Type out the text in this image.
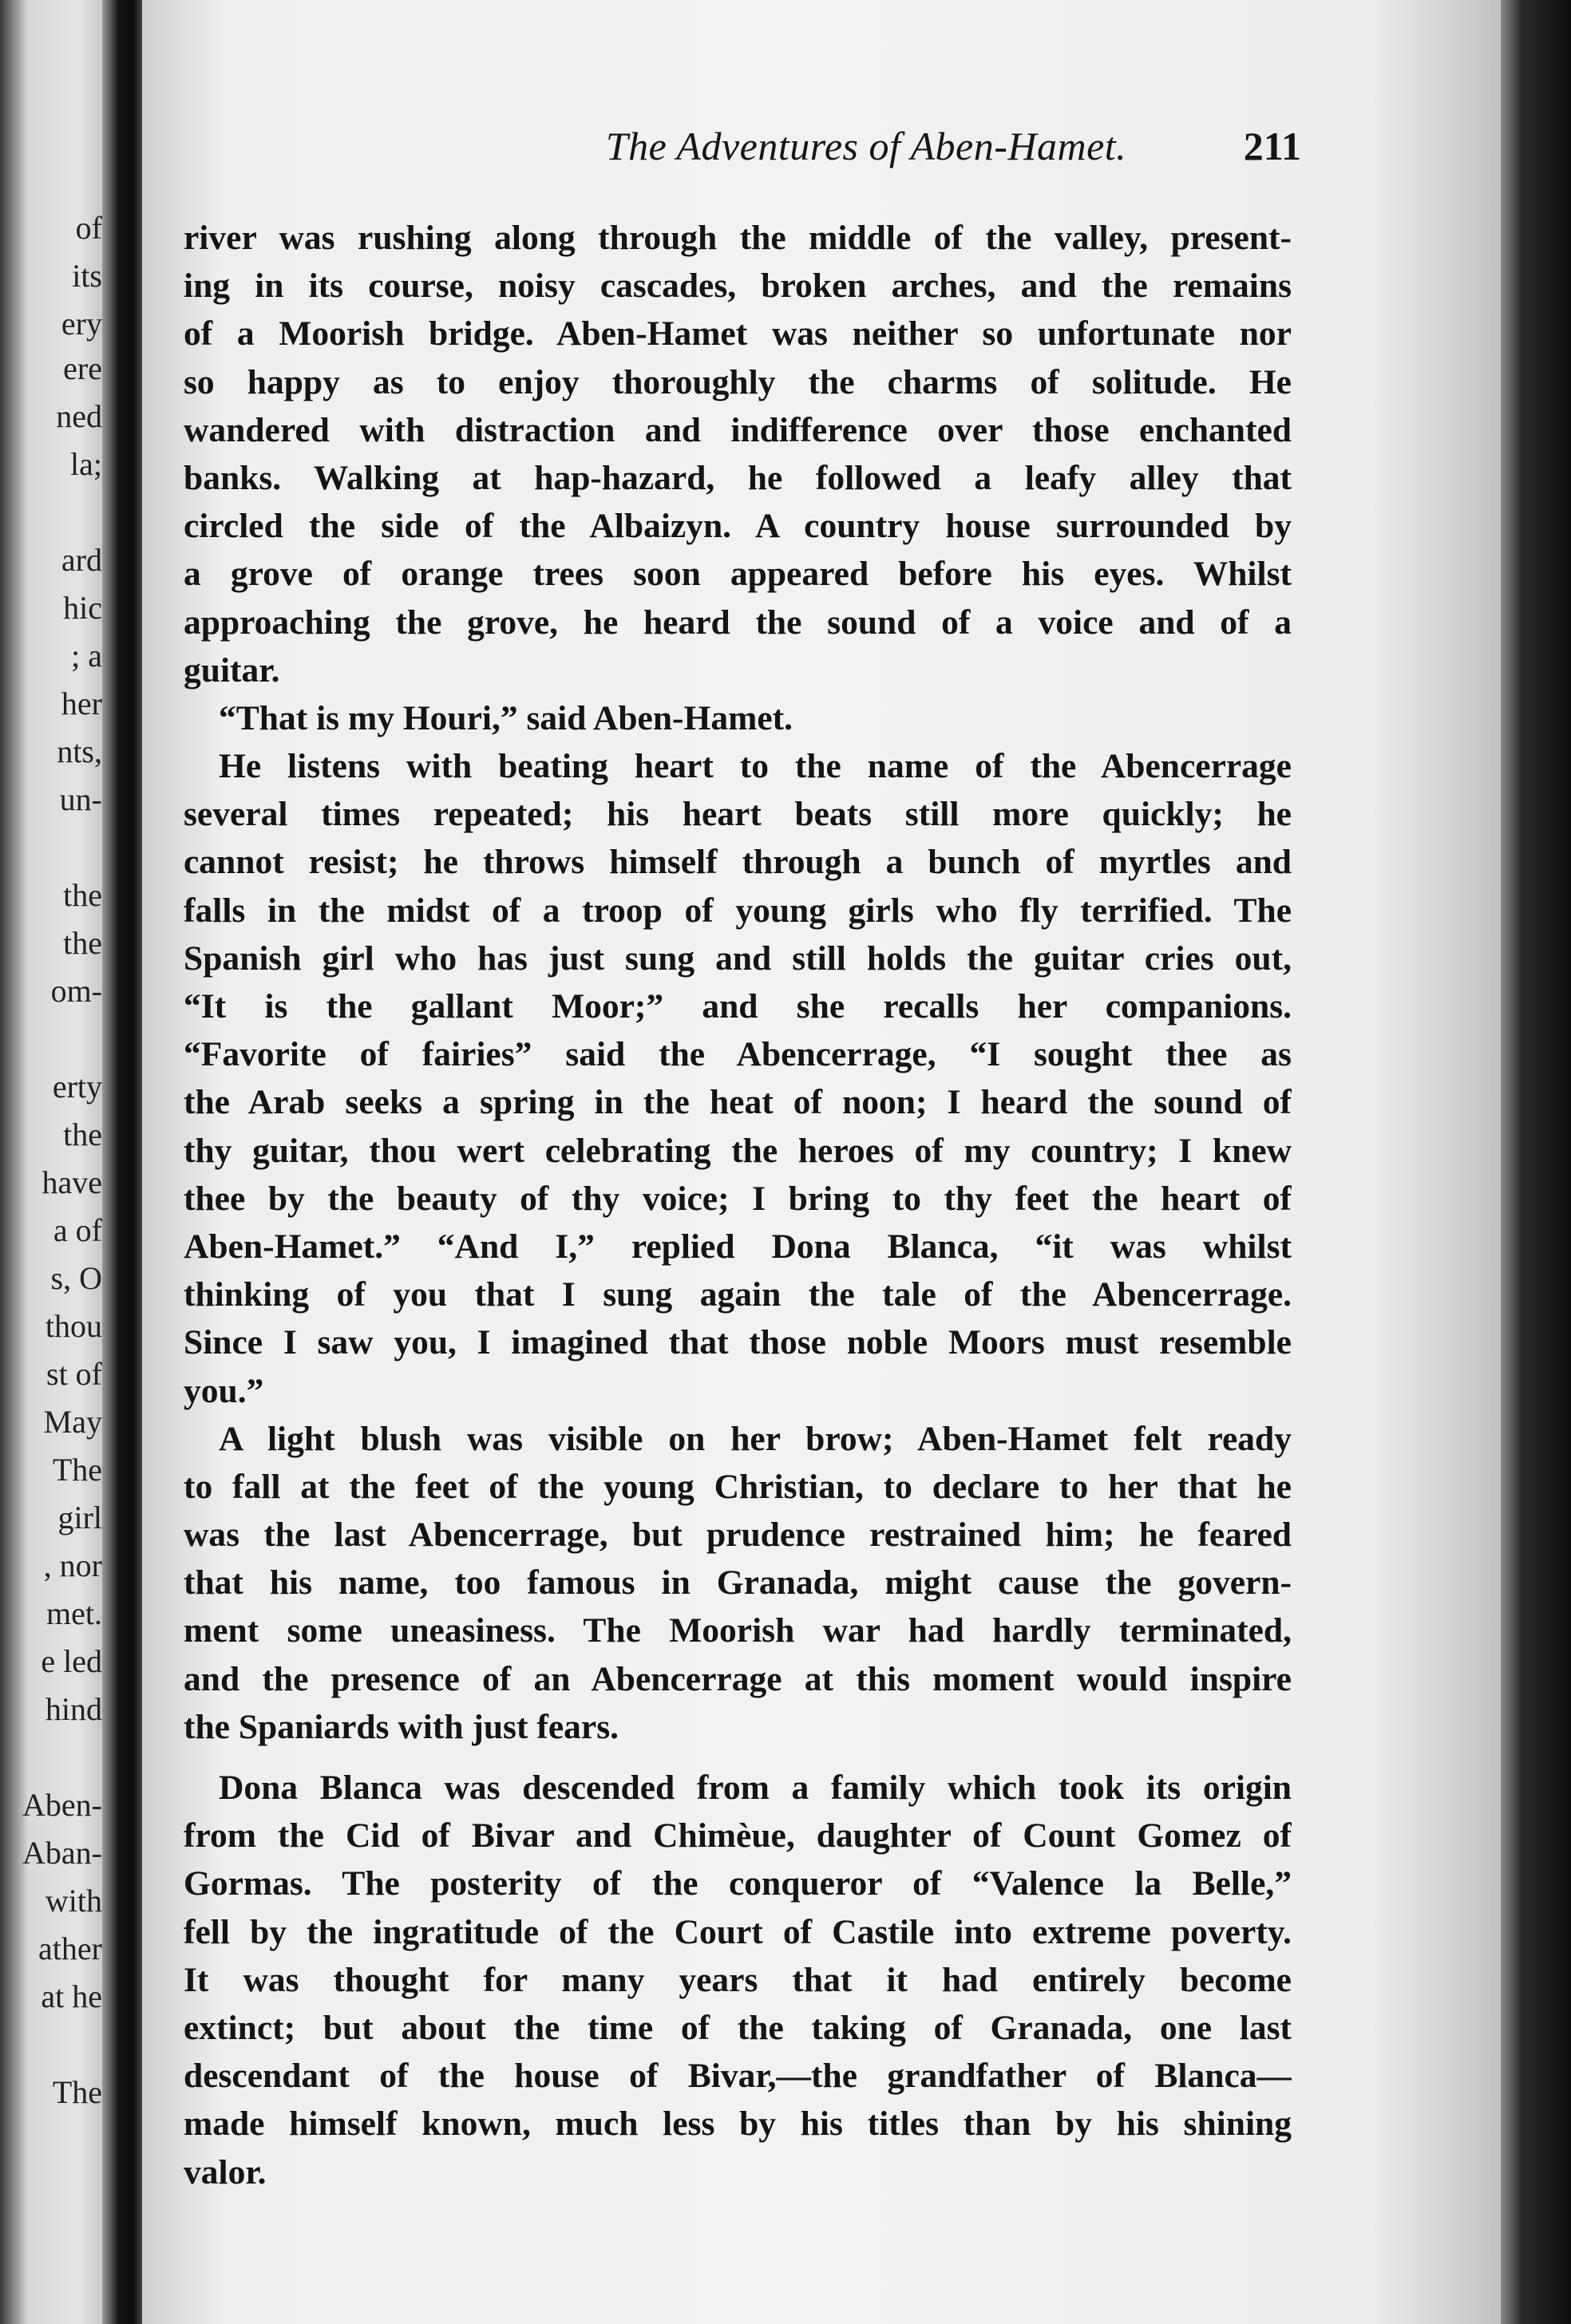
of
its
ery
ere
ned
la;
ard
hic
; a
her
nts,
un-
the
the
om-
erty
the
have
a of
s, O
thou
st of
May
The
girl
, nor
met.
e led
hind
Aben-
Aban-
with
ather
at he
The
The Adventures of Aben-Hamet.	211
river was rushing along through the middle of the valley, present-
ing in its course, noisy cascades, broken arches, and the remains
of a Moorish bridge. Aben-Hamet was neither so unfortunate nor
so happy as to enjoy thoroughly the charms of solitude. He
wandered with distraction and indifference over those enchanted
banks. Walking at hap-hazard, he followed a leafy alley that
circled the side of the Albaizyn. A country house surrounded by
a grove of orange trees soon appeared before his eyes. Whilst
approaching the grove, he heard the sound of a voice and of a
guitar.
“That is my Houri,” said Aben-Hamet.
He listens with beating heart to the name of the Abencerrage
several times repeated; his heart beats still more quickly; he
cannot resist; he throws himself through a bunch of myrtles and
falls in the midst of a troop of young girls who fly terrified. The
Spanish girl who has just sung and still holds the guitar cries out,
“It is the gallant Moor;” and she recalls her companions.
“Favorite of fairies” said the Abencerrage, “I sought thee as
the Arab seeks a spring in the heat of noon; I heard the sound of
thy guitar, thou wert celebrating the heroes of my country; I knew
thee by the beauty of thy voice; I bring to thy feet the heart of
Aben-Hamet.” “And I,” replied Dona Blanca, “it was whilst
thinking of you that I sung again the tale of the Abencerrage.
Since I saw you, I imagined that those noble Moors must resemble
you.”
A light blush was visible on her brow; Aben-Hamet felt ready
to fall at the feet of the young Christian, to declare to her that he
was the last Abencerrage, but prudence restrained him; he feared
that his name, too famous in Granada, might cause the govern-
ment some uneasiness. The Moorish war had hardly terminated,
and the presence of an Abencerrage at this moment would inspire
the Spaniards with just fears.
Dona Blanca was descended from a family which took its origin
from the Cid of Bivar and Chimèue, daughter of Count Gomez of
Gormas. The posterity of the conqueror of “Valence la Belle,”
fell by the ingratitude of the Court of Castile into extreme poverty.
It was thought for many years that it had entirely become
extinct; but about the time of the taking of Granada, one last
descendant of the house of Bivar,—the grandfather of Blanca—
made himself known, much less by his titles than by his shining
valor.
